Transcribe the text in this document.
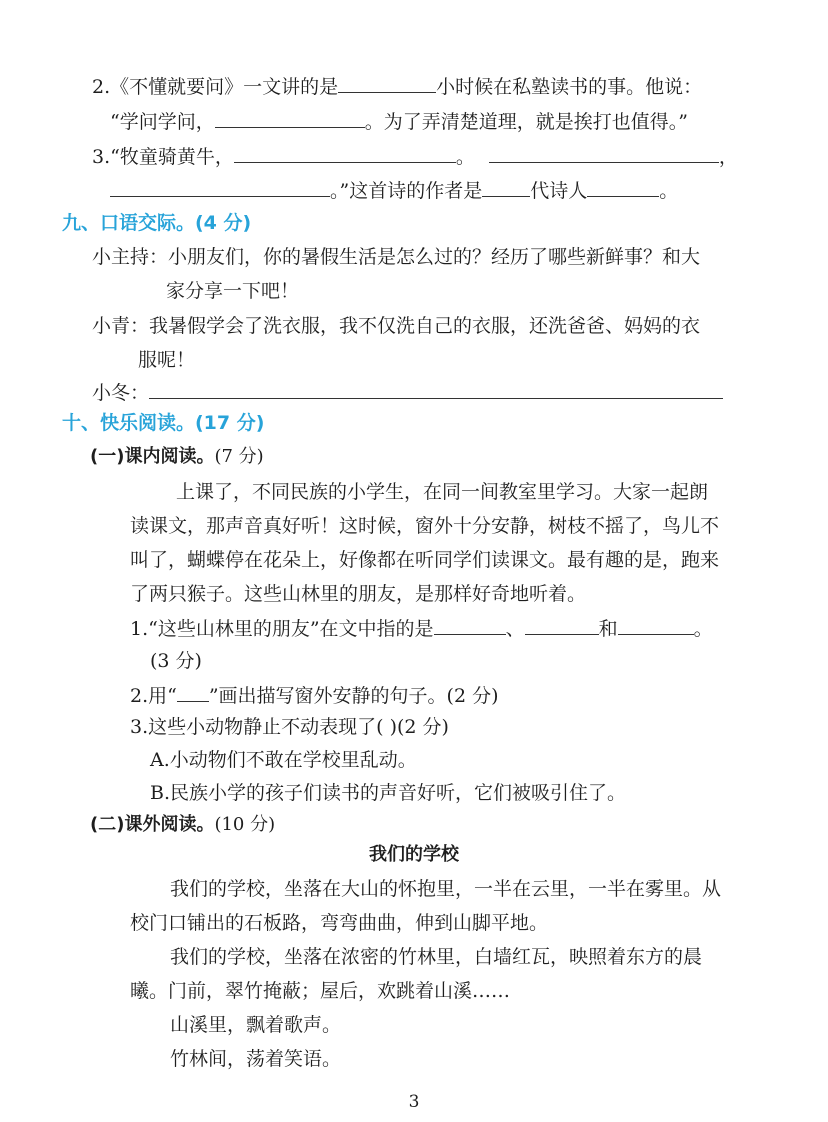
2.《不懂就要问》一文讲的是	小时候在私塾读书的事。他说：
“学问学问，	。为了弄清楚道理，就是挨打也值得。”
3.“牧童骑黄牛，	。	，
。”这首诗的作者是	代诗人	。
九、口语交际。(4 分)
小主持：小朋友们，你的暑假生活是怎么过的？经历了哪些新鲜事？和大
家分享一下吧！
小青：我暑假学会了洗衣服，我不仅洗自己的衣服，还洗爸爸、妈妈的衣
服呢！
小冬：
十、快乐阅读。(17 分)
(一)课内阅读。(7 分)
上课了，不同民族的小学生，在同一间教室里学习。大家一起朗
读课文，那声音真好听！这时候，窗外十分安静，树枝不摇了，鸟儿不
叫了，蝴蝶停在花朵上，好像都在听同学们读课文。最有趣的是，跑来
了两只猴子。这些山林里的朋友，是那样好奇地听着。
1.“这些山林里的朋友”在文中指的是	、	和	。
(3 分)
2.用“ ”画出描写窗外安静的句子。(2 分)
3.这些小动物静止不动表现了( )(2 分)
A.小动物们不敢在学校里乱动。
B.民族小学的孩子们读书的声音好听，它们被吸引住了。
(二)课外阅读。(10 分)
我们的学校
我们的学校，坐落在大山的怀抱里，一半在云里，一半在雾里。从
校门口铺出的石板路，弯弯曲曲，伸到山脚平地。
我们的学校，坐落在浓密的竹林里，白墙红瓦，映照着东方的晨
曦。门前，翠竹掩蔽；屋后，欢跳着山溪……
山溪里，飘着歌声。
竹林间，荡着笑语。
3
